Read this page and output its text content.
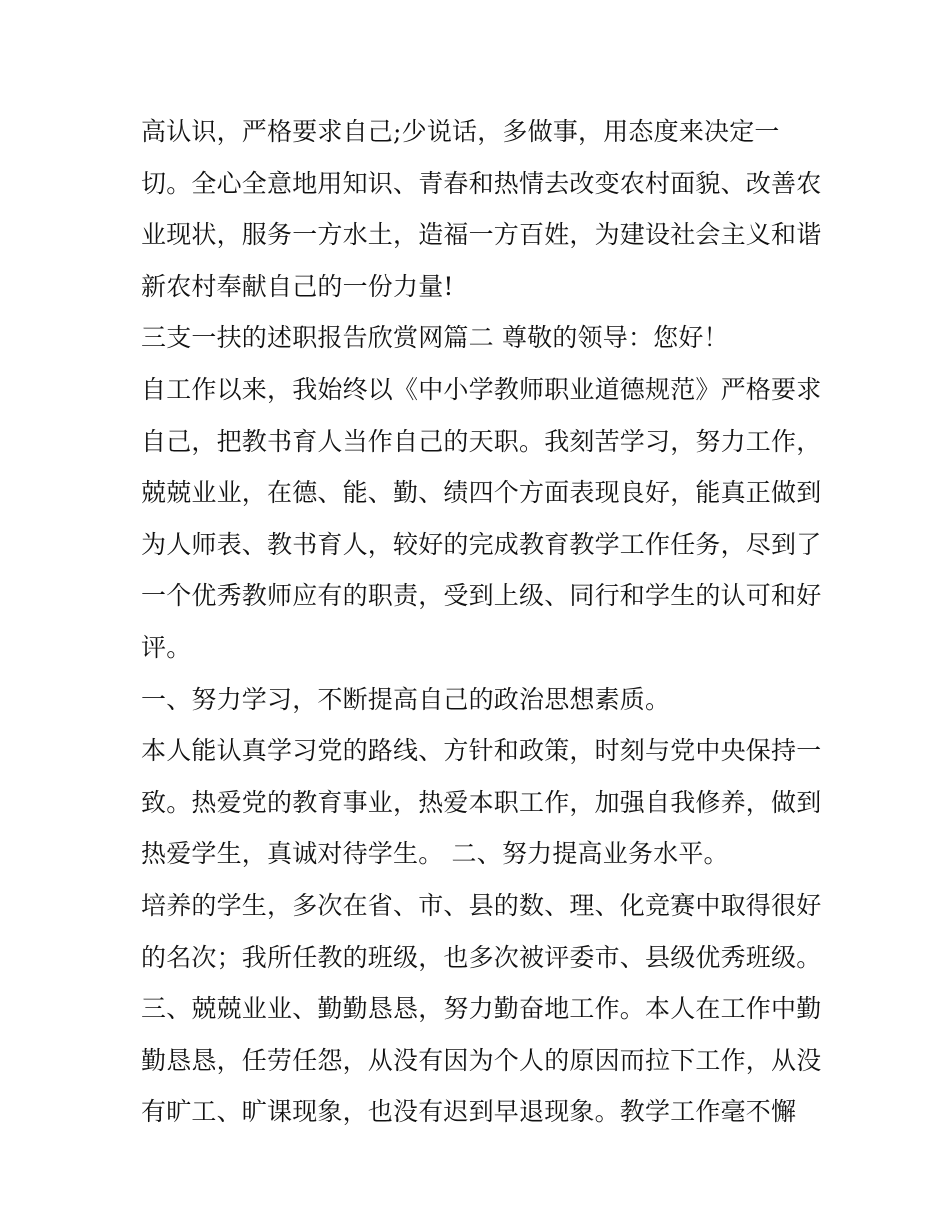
高认识，严格要求自己;少说话，多做事，用态度来决定一
切。全心全意地用知识、青春和热情去改变农村面貌、改善农
业现状，服务一方水土，造福一方百姓，为建设社会主义和谐
新农村奉献自己的一份力量!
三支一扶的述职报告欣赏网篇二 尊敬的领导：您好！
自工作以来，我始终以《中小学教师职业道德规范》严格要求
自己，把教书育人当作自己的天职。我刻苦学习，努力工作，
兢兢业业，在德、能、勤、绩四个方面表现良好，能真正做到
为人师表、教书育人，较好的完成教育教学工作任务，尽到了
一个优秀教师应有的职责，受到上级、同行和学生的认可和好
评。
一、努力学习，不断提高自己的政治思想素质。
本人能认真学习党的路线、方针和政策，时刻与党中央保持一
致。热爱党的教育事业，热爱本职工作，加强自我修养，做到
热爱学生，真诚对待学生。 二、努力提高业务水平。
培养的学生，多次在省、市、县的数、理、化竞赛中取得很好
的名次；我所任教的班级，也多次被评委市、县级优秀班级。
三、兢兢业业、勤勤恳恳，努力勤奋地工作。本人在工作中勤
勤恳恳，任劳任怨，从没有因为个人的原因而拉下工作，从没
有旷工、旷课现象，也没有迟到早退现象。教学工作毫不懈
